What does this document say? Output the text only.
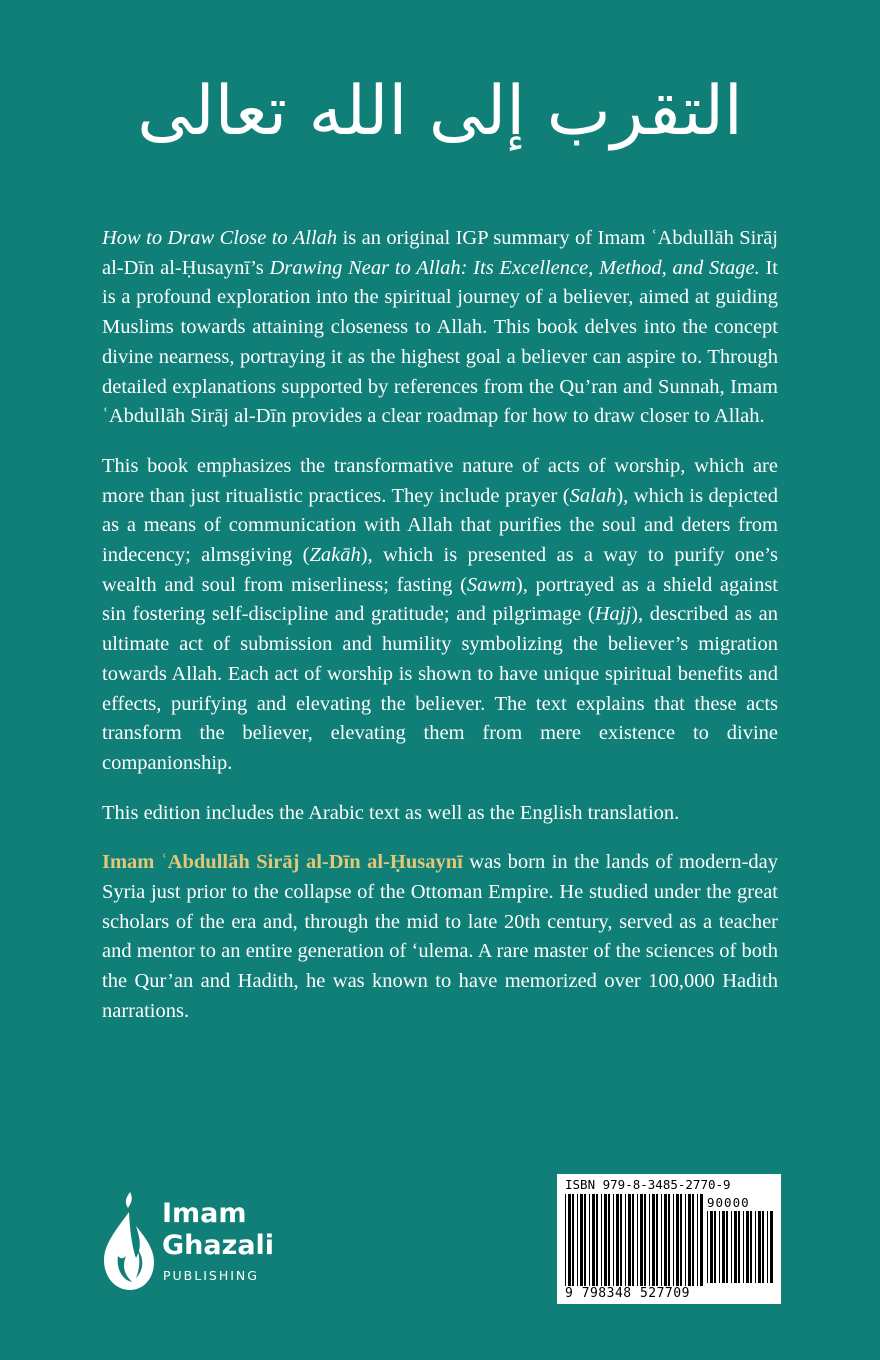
التقرب إلى الله تعالى

How to Draw Close to Allah is an original IGP summary of Imam ʿAbdullāh Sirāj al-Dīn al-Ḥusaynī’s Drawing Near to Allah: Its Excellence, Method, and Stage. It is a profound exploration into the spiritual journey of a believer, aimed at guiding Muslims towards attaining closeness to Allah. This book delves into the concept divine nearness, portraying it as the highest goal a believer can aspire to. Through detailed explanations supported by references from the Qu’ran and Sunnah, Imam ʿAbdullāh Sirāj al-Dīn provides a clear roadmap for how to draw closer to Allah.

This book emphasizes the transformative nature of acts of worship, which are more than just ritualistic practices. They include prayer (Salah), which is depicted as a means of communication with Allah that purifies the soul and deters from indecency; almsgiving (Zakāh), which is presented as a way to purify one’s wealth and soul from miserliness; fasting (Sawm), portrayed as a shield against sin fostering self-discipline and gratitude; and pilgrimage (Hajj), described as an ultimate act of submission and humility symbolizing the believer’s migration towards Allah. Each act of worship is shown to have unique spiritual benefits and effects, purifying and elevating the believer. The text explains that these acts transform the believer, elevating them from mere existence to divine companionship.

This edition includes the Arabic text as well as the English translation.

Imam ʿAbdullāh Sirāj al-Dīn al-Ḥusaynī was born in the lands of modern-day Syria just prior to the collapse of the Ottoman Empire. He studied under the great scholars of the era and, through the mid to late 20th century, served as a teacher and mentor to an entire generation of ‘ulema. A rare master of the sciences of both the Qur’an and Hadith, he was known to have memorized over 100,000 Hadith narrations.

Imam
Ghazali
PUBLISHING
ISBN 979-8-3485-2770-9
90000
9 798348 527709
